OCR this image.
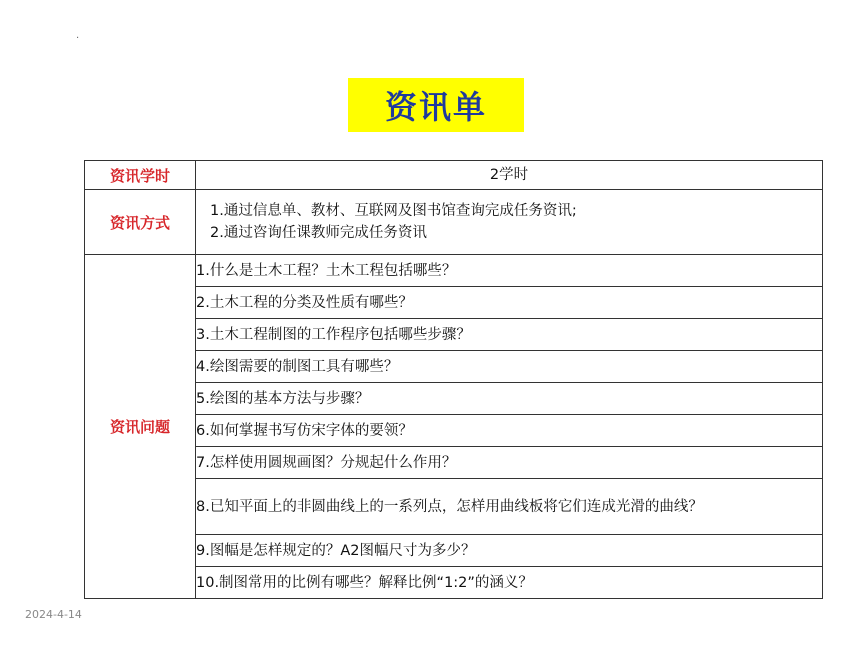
.
资讯单
资讯学时	2学时
资讯方式	1.通过信息单、教材、互联网及图书馆查询完成任务资讯;
2.通过咨询任课教师完成任务资讯

资讯问题	1.什么是土木工程？土木工程包括哪些？
	2.土木工程的分类及性质有哪些？
	3.土木工程制图的工作程序包括哪些步骤？
	4.绘图需要的制图工具有哪些？
	5.绘图的基本方法与步骤？
	6.如何掌握书写仿宋字体的要领？
	7.怎样使用圆规画图？分规起什么作用？
	8.已知平面上的非圆曲线上的一系列点，怎样用曲线板将它们连成光滑的曲线？
	9.图幅是怎样规定的？A2图幅尺寸为多少？
	10.制图常用的比例有哪些？解释比例“1:2”的涵义？
2024-4-14
